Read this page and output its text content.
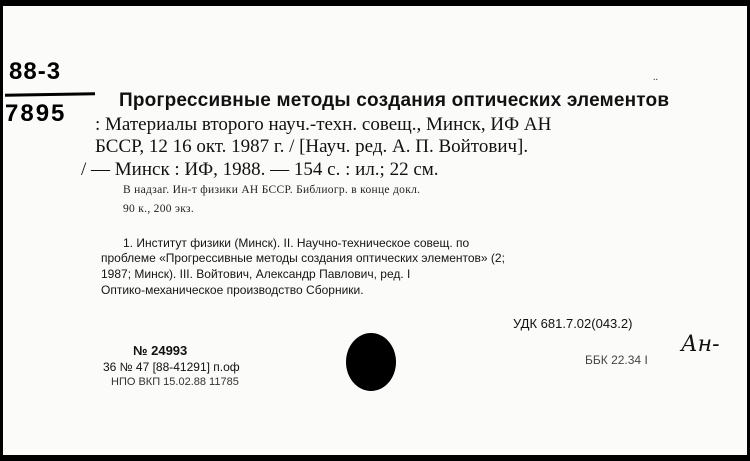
..
88-3
7895	Прогрессивные методы создания оптических элементов
: Материалы второго науч.-техн. совещ., Минск, ИФ АН
БССР, 12 16 окт. 1987 г. / [Науч. ред. А. П. Войтович].
/ — Минск : ИФ, 1988. — 154 с. : ил.; 22 см.
В надзаг. Ин-т физики АН БССР. Библиогр. в конце докл.
90 к., 200 экз.
1. Институт физики (Минск). II. Научно-техническое совещ. по
проблеме «Прогрессивные методы создания оптических элементов» (2;
1987; Минск). III. Войтович, Александр Павлович, ред. I
Оптико-механическое производство Сборники.
УДК 681.7.02(043.2)
Ан-
ББК 22.34 I
№ 24993
36 № 47 [88-41291] п.оф
НПО ВКП 15.02.88 11785
